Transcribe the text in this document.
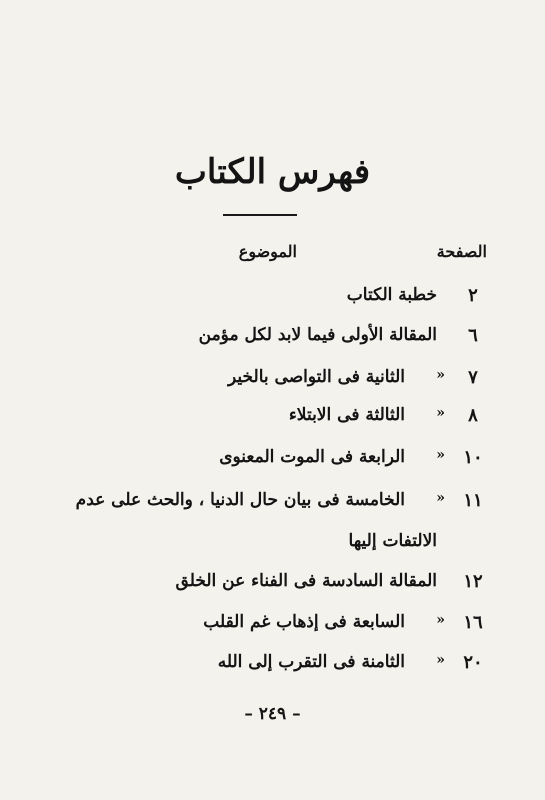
فهرس الكتاب
الصفحة
الموضوع
٢
خطبة الكتاب
٦
المقالة الأولى فيما لابد لكل مؤمن
٧
«
الثانية فى التواصى بالخير
٨
«
الثالثة فى الابتلاء
١٠
«
الرابعة فى الموت المعنوى
١١
«
الخامسة فى بيان حال الدنيا ، والحث على عدم
الالتفات إليها
١٢
المقالة السادسة فى الفناء عن الخلق
١٦
«
السابعة فى إذهاب غم القلب
٢٠
«
الثامنة فى التقرب إلى الله
– ٢٤٩ –
